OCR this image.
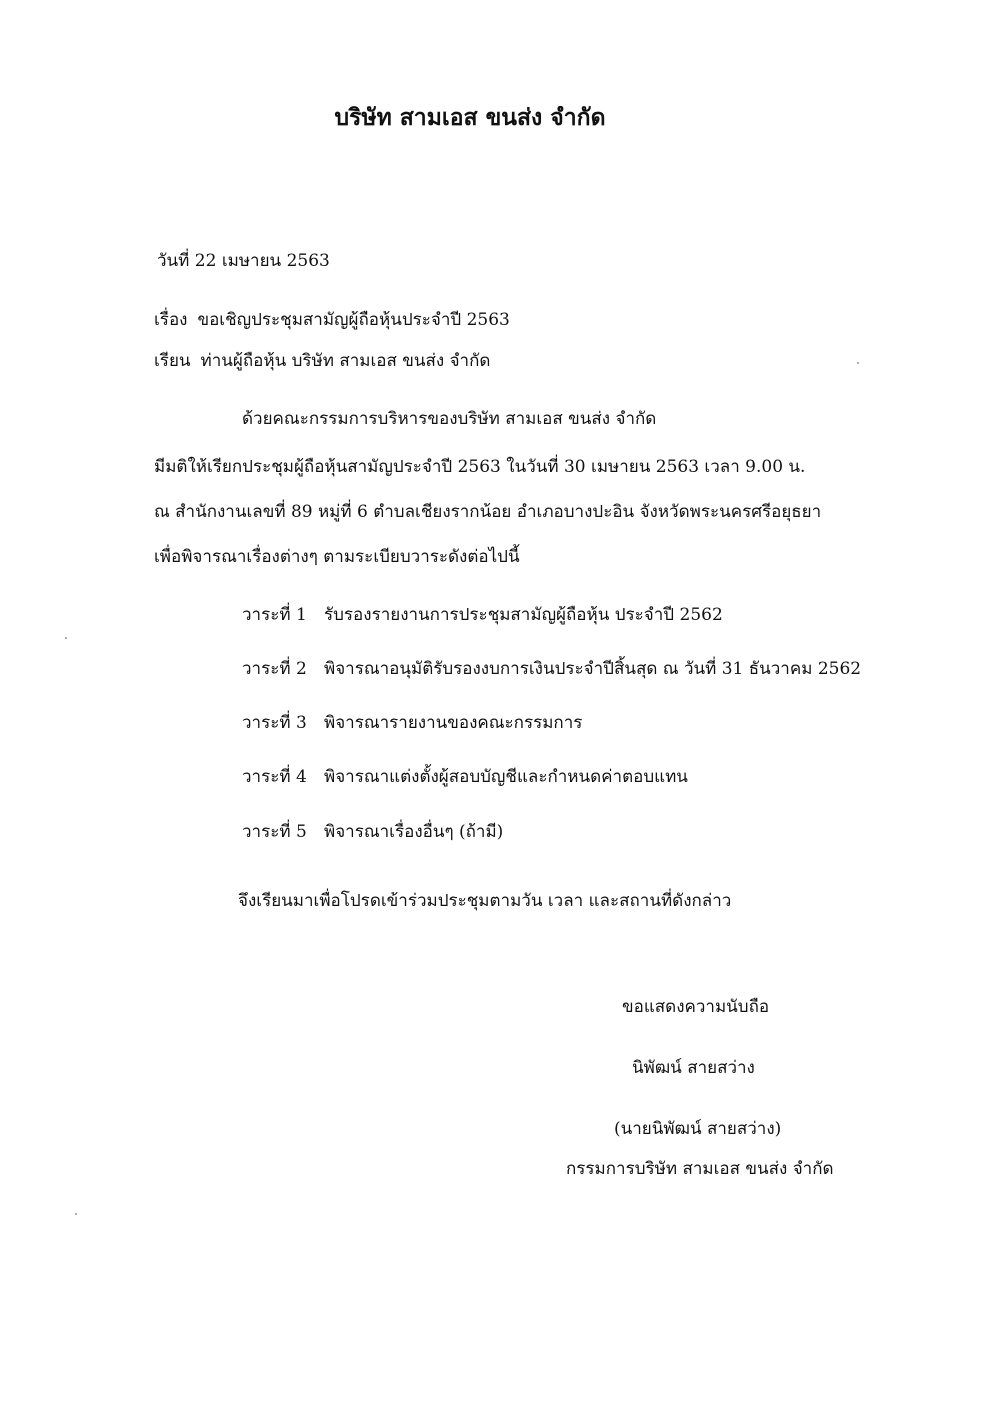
บริษัท สามเอส ขนส่ง จำกัด
วันที่ 22 เมษายน 2563
เรื่อง ขอเชิญประชุมสามัญผู้ถือหุ้นประจำปี 2563
เรียน ท่านผู้ถือหุ้น บริษัท สามเอส ขนส่ง จำกัด
ด้วยคณะกรรมการบริหารของบริษัท สามเอส ขนส่ง จำกัด
มีมติให้เรียกประชุมผู้ถือหุ้นสามัญประจำปี 2563 ในวันที่ 30 เมษายน 2563 เวลา 9.00 น.
ณ สำนักงานเลขที่ 89 หมู่ที่ 6 ตำบลเชียงรากน้อย อำเภอบางปะอิน จังหวัดพระนครศรีอยุธยา
เพื่อพิจารณาเรื่องต่างๆ ตามระเบียบวาระดังต่อไปนี้
วาระที่ 1 รับรองรายงานการประชุมสามัญผู้ถือหุ้น ประจำปี 2562
วาระที่ 2 พิจารณาอนุมัติรับรองงบการเงินประจำปีสิ้นสุด ณ วันที่ 31 ธันวาคม 2562
วาระที่ 3 พิจารณารายงานของคณะกรรมการ
วาระที่ 4 พิจารณาแต่งตั้งผู้สอบบัญชีและกำหนดค่าตอบแทน
วาระที่ 5 พิจารณาเรื่องอื่นๆ (ถ้ามี)
จึงเรียนมาเพื่อโปรดเข้าร่วมประชุมตามวัน เวลา และสถานที่ดังกล่าว
ขอแสดงความนับถือ
นิพัฒน์ สายสว่าง
(นายนิพัฒน์ สายสว่าง)
กรรมการบริษัท สามเอส ขนส่ง จำกัด
